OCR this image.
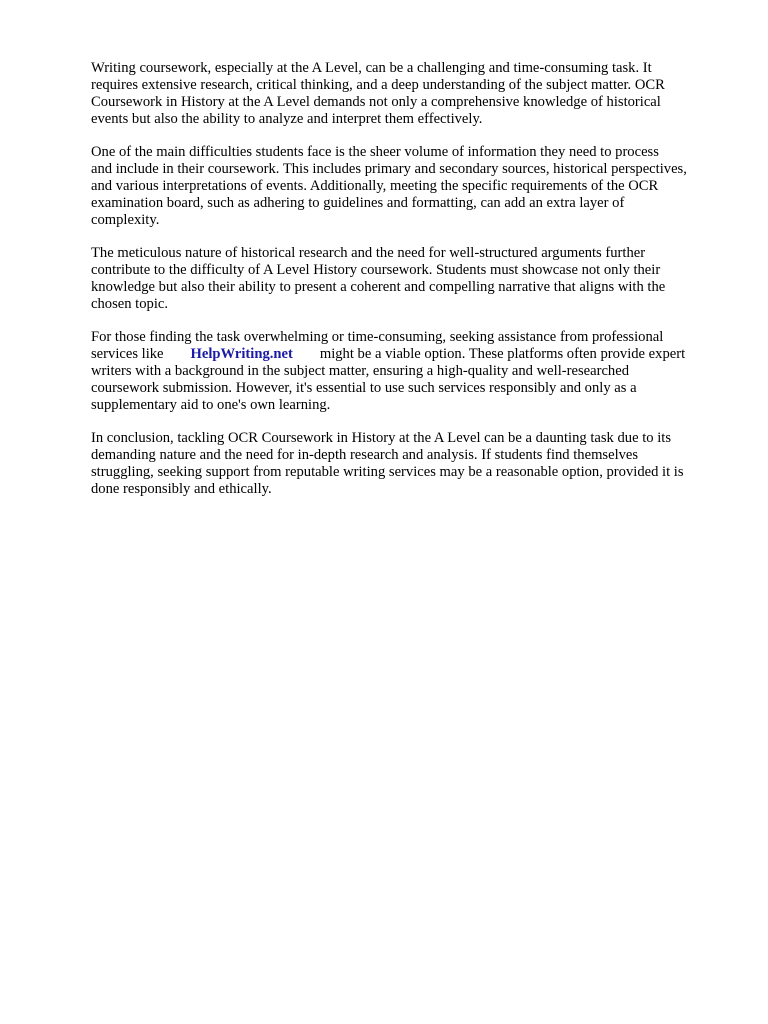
Writing coursework, especially at the A Level, can be a challenging and time-consuming task. It
requires extensive research, critical thinking, and a deep understanding of the subject matter. OCR
Coursework in History at the A Level demands not only a comprehensive knowledge of historical
events but also the ability to analyze and interpret them effectively.

One of the main difficulties students face is the sheer volume of information they need to process
and include in their coursework. This includes primary and secondary sources, historical perspectives,
and various interpretations of events. Additionally, meeting the specific requirements of the OCR
examination board, such as adhering to guidelines and formatting, can add an extra layer of
complexity.

The meticulous nature of historical research and the need for well-structured arguments further
contribute to the difficulty of A Level History coursework. Students must showcase not only their
knowledge but also their ability to present a coherent and compelling narrative that aligns with the
chosen topic.

For those finding the task overwhelming or time-consuming, seeking assistance from professional
services like HelpWriting.net might be a viable option. These platforms often provide expert
writers with a background in the subject matter, ensuring a high-quality and well-researched
coursework submission. However, it's essential to use such services responsibly and only as a
supplementary aid to one's own learning.

In conclusion, tackling OCR Coursework in History at the A Level can be a daunting task due to its
demanding nature and the need for in-depth research and analysis. If students find themselves
struggling, seeking support from reputable writing services may be a reasonable option, provided it is
done responsibly and ethically.
